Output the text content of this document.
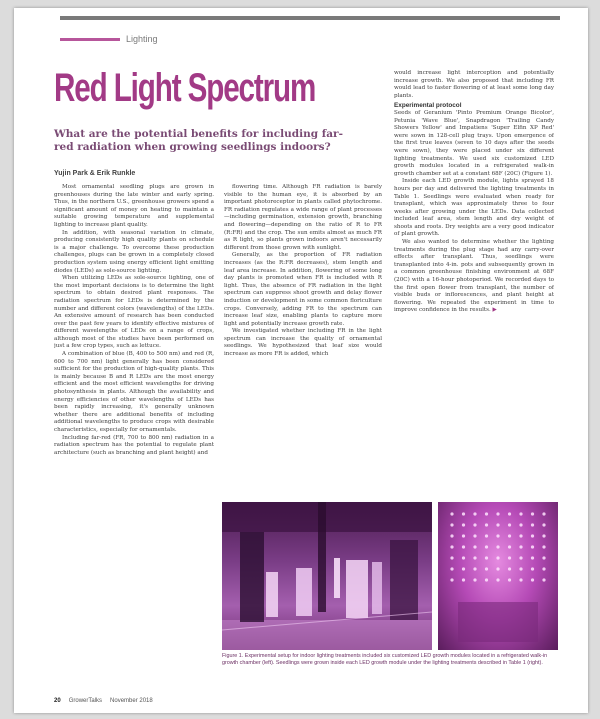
Lighting
Red Light Spectrum
What are the potential benefits for including far-red radiation when growing seedlings indoors?
Yujin Park & Erik Runkle

Most ornamental seedling plugs are grown in greenhouses during the late winter and early spring. Thus, in the northern U.S., greenhouse growers spend a significant amount of money on heating to maintain a suitable growing temperature and supplemental lighting to increase plant quality.

In addition, with seasonal variation in climate, producing consistently high quality plants on schedule is a major challenge. To overcome these production challenges, plugs can be grown in a completely closed production system using energy efficient light emitting diodes (LEDs) as sole-source lighting.

When utilizing LEDs as sole-source lighting, one of the most important decisions is to determine the light spectrum to obtain desired plant responses. The radiation spectrum for LEDs is determined by the number and different colors (wavelengths) of the LEDs. An extensive amount of research has been conducted over the past few years to identify effective mixtures of different wavelengths of LEDs on a range of crops, although most of the studies have been performed on just a few crop types, such as lettuce.

A combination of blue (B, 400 to 500 nm) and red (R, 600 to 700 nm) light generally has been considered sufficient for the production of high-quality plants. This is mainly because B and R LEDs are the most energy efficient and the most efficient wavelengths for driving photosynthesis in plants. Although the availability and energy efficiencies of other wavelengths of LEDs has been rapidly increasing, it's generally unknown whether there are additional benefits of including additional wavelengths to produce crops with desirable characteristics, especially for ornamentals.

Including far-red (FR, 700 to 800 nm) radiation in a radiation spectrum has the potential to regulate plant architecture (such as branching and plant height) and

flowering time. Although FR radiation is barely visible to the human eye, it is absorbed by an important photoreceptor in plants called phytochrome. FR radiation regulates a wide range of plant processes—including germination, extension growth, branching and flowering—depending on the ratio of R to FR (R:FR) and the crop. The sun emits almost as much FR as R light, so plants grown indoors aren't necessarily different from those grown with sunlight.

Generally, as the proportion of FR radiation increases (as the R:FR decreases), stem length and leaf area increase. In addition, flowering of some long day plants is promoted when FR is included with R light. Thus, the absence of FR radiation in the light spectrum can suppress shoot growth and delay flower induction or development in some common floriculture crops. Conversely, adding FR to the spectrum can increase leaf size, enabling plants to capture more light and potentially increase growth rate.

We investigated whether including FR in the light spectrum can increase the quality of ornamental seedlings. We hypothesized that leaf size would increase as more FR is added, which

would increase light interception and potentially increase growth. We also proposed that including FR would lead to faster flowering of at least some long day plants.

Experimental protocol

Seeds of Geranium 'Pinto Premium Orange Bicolor', Petunia 'Wave Blue', Snapdragon 'Trailing Candy Showers Yellow' and Impatiens 'Super Elfin XP Red' were sown in 128-cell plug trays. Upon emergence of the first true leaves (seven to 10 days after the seeds were sown), they were placed under six different lighting treatments. We used six customized LED growth modules located in a refrigerated walk-in growth chamber set at a constant 68F (20C) (Figure 1).

Inside each LED growth module, lights sprayed 18 hours per day and delivered the lighting treatments in Table 1. Seedlings were evaluated when ready for transplant, which was approximately three to four weeks after growing under the LEDs. Data collected included leaf area, stem length and dry weight of shoots and roots. Dry weights are a very good indicator of plant growth.

We also wanted to determine whether the lighting treatments during the plug stage had any carry-over effects after transplant. Thus, seedlings were transplanted into 4-in. pots and subsequently grown in a common greenhouse finishing environment at 68F (20C) with a 16-hour photoperiod. We recorded days to the first open flower from transplant, the number of visible buds or inflorescences, and plant height at flowering. We repeated the experiment in time to improve confidence in the results. ▶

Figure 1. Experimental setup for indoor lighting treatments included six customized LED growth modules located in a refrigerated walk-in growth chamber (left). Seedlings were grown inside each LED growth module under the lighting treatments described in Table 1 (right).
20 GrowerTalks November 2018
